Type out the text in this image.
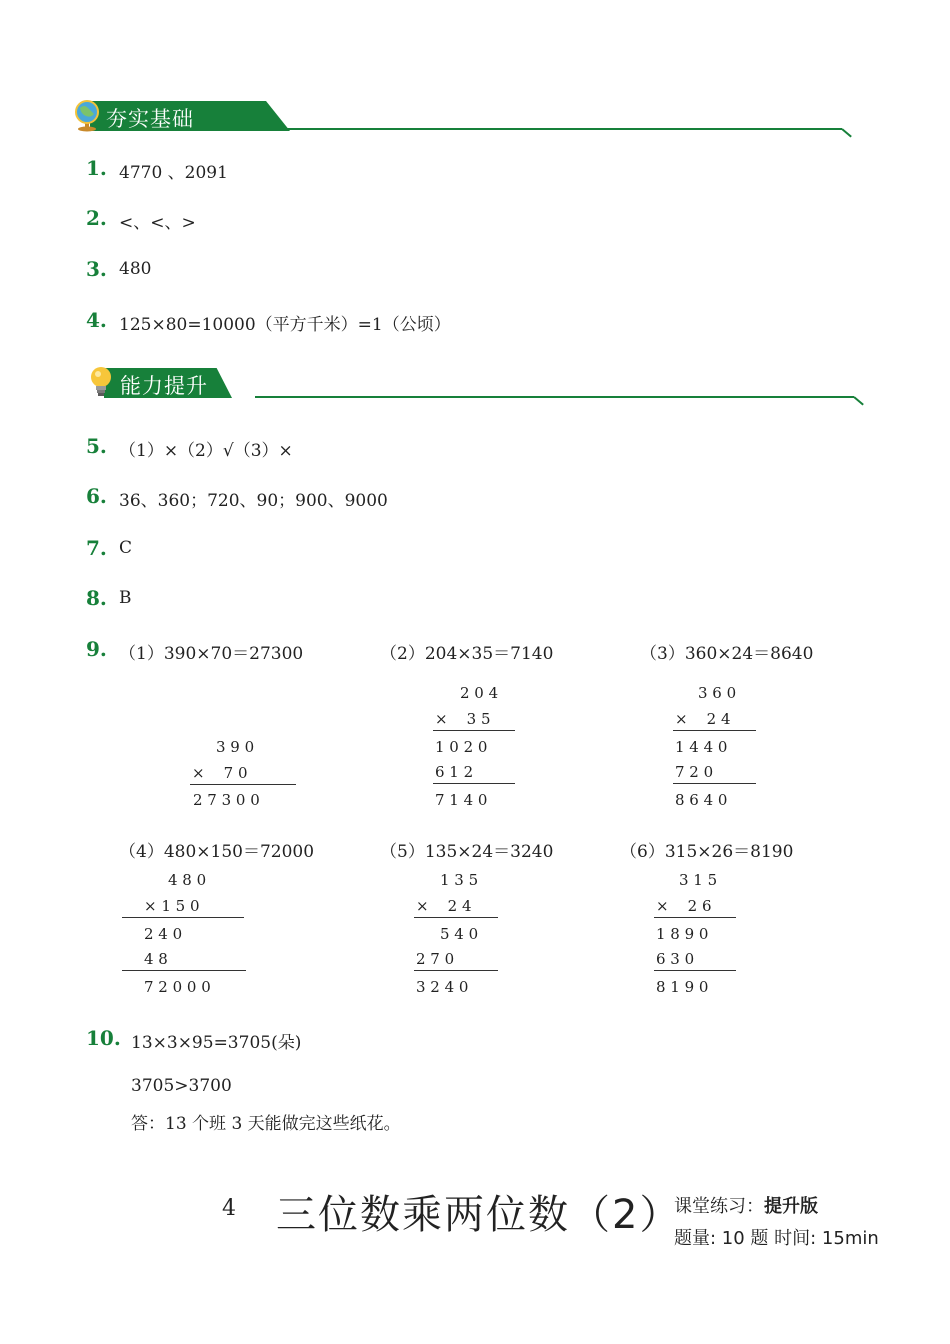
夯实基础
1. 4770 、2091
2. <、<、>
3. 480
4. 125×80=10000（平方千米）=1（公顷）
能力提升
5. （1）×（2）√（3）×
6. 36、360；720、90；900、9000
7. C
8. B
9. （1）390×70＝27300	（2）204×35＝7140	（3）360×24＝8640
3 9 0
×    7 0
2 7 3 0 0
2 0 4
×    3 5
1 0 2 0
6 1 2
7 1 4 0
3 6 0
×    2 4
1 4 4 0
7 2 0
8 6 4 0
（4）480×150＝72000	（5）135×24＝3240	（6）315×26＝8190
4 8 0
× 1 5 0
2 4 0
4 8
7 2 0 0 0
1 3 5
×    2 4
5 4 0
2 7 0
3 2 4 0
3 1 5
×    2 6
1 8 9 0
6 3 0
8 1 9 0
10. 13×3×95=3705(朵)
3705>3700
答：13 个班 3 天能做完这些纸花。
4 三位数乘两位数（2）
课堂练习：提升版
题量: 10 题 时间: 15min
